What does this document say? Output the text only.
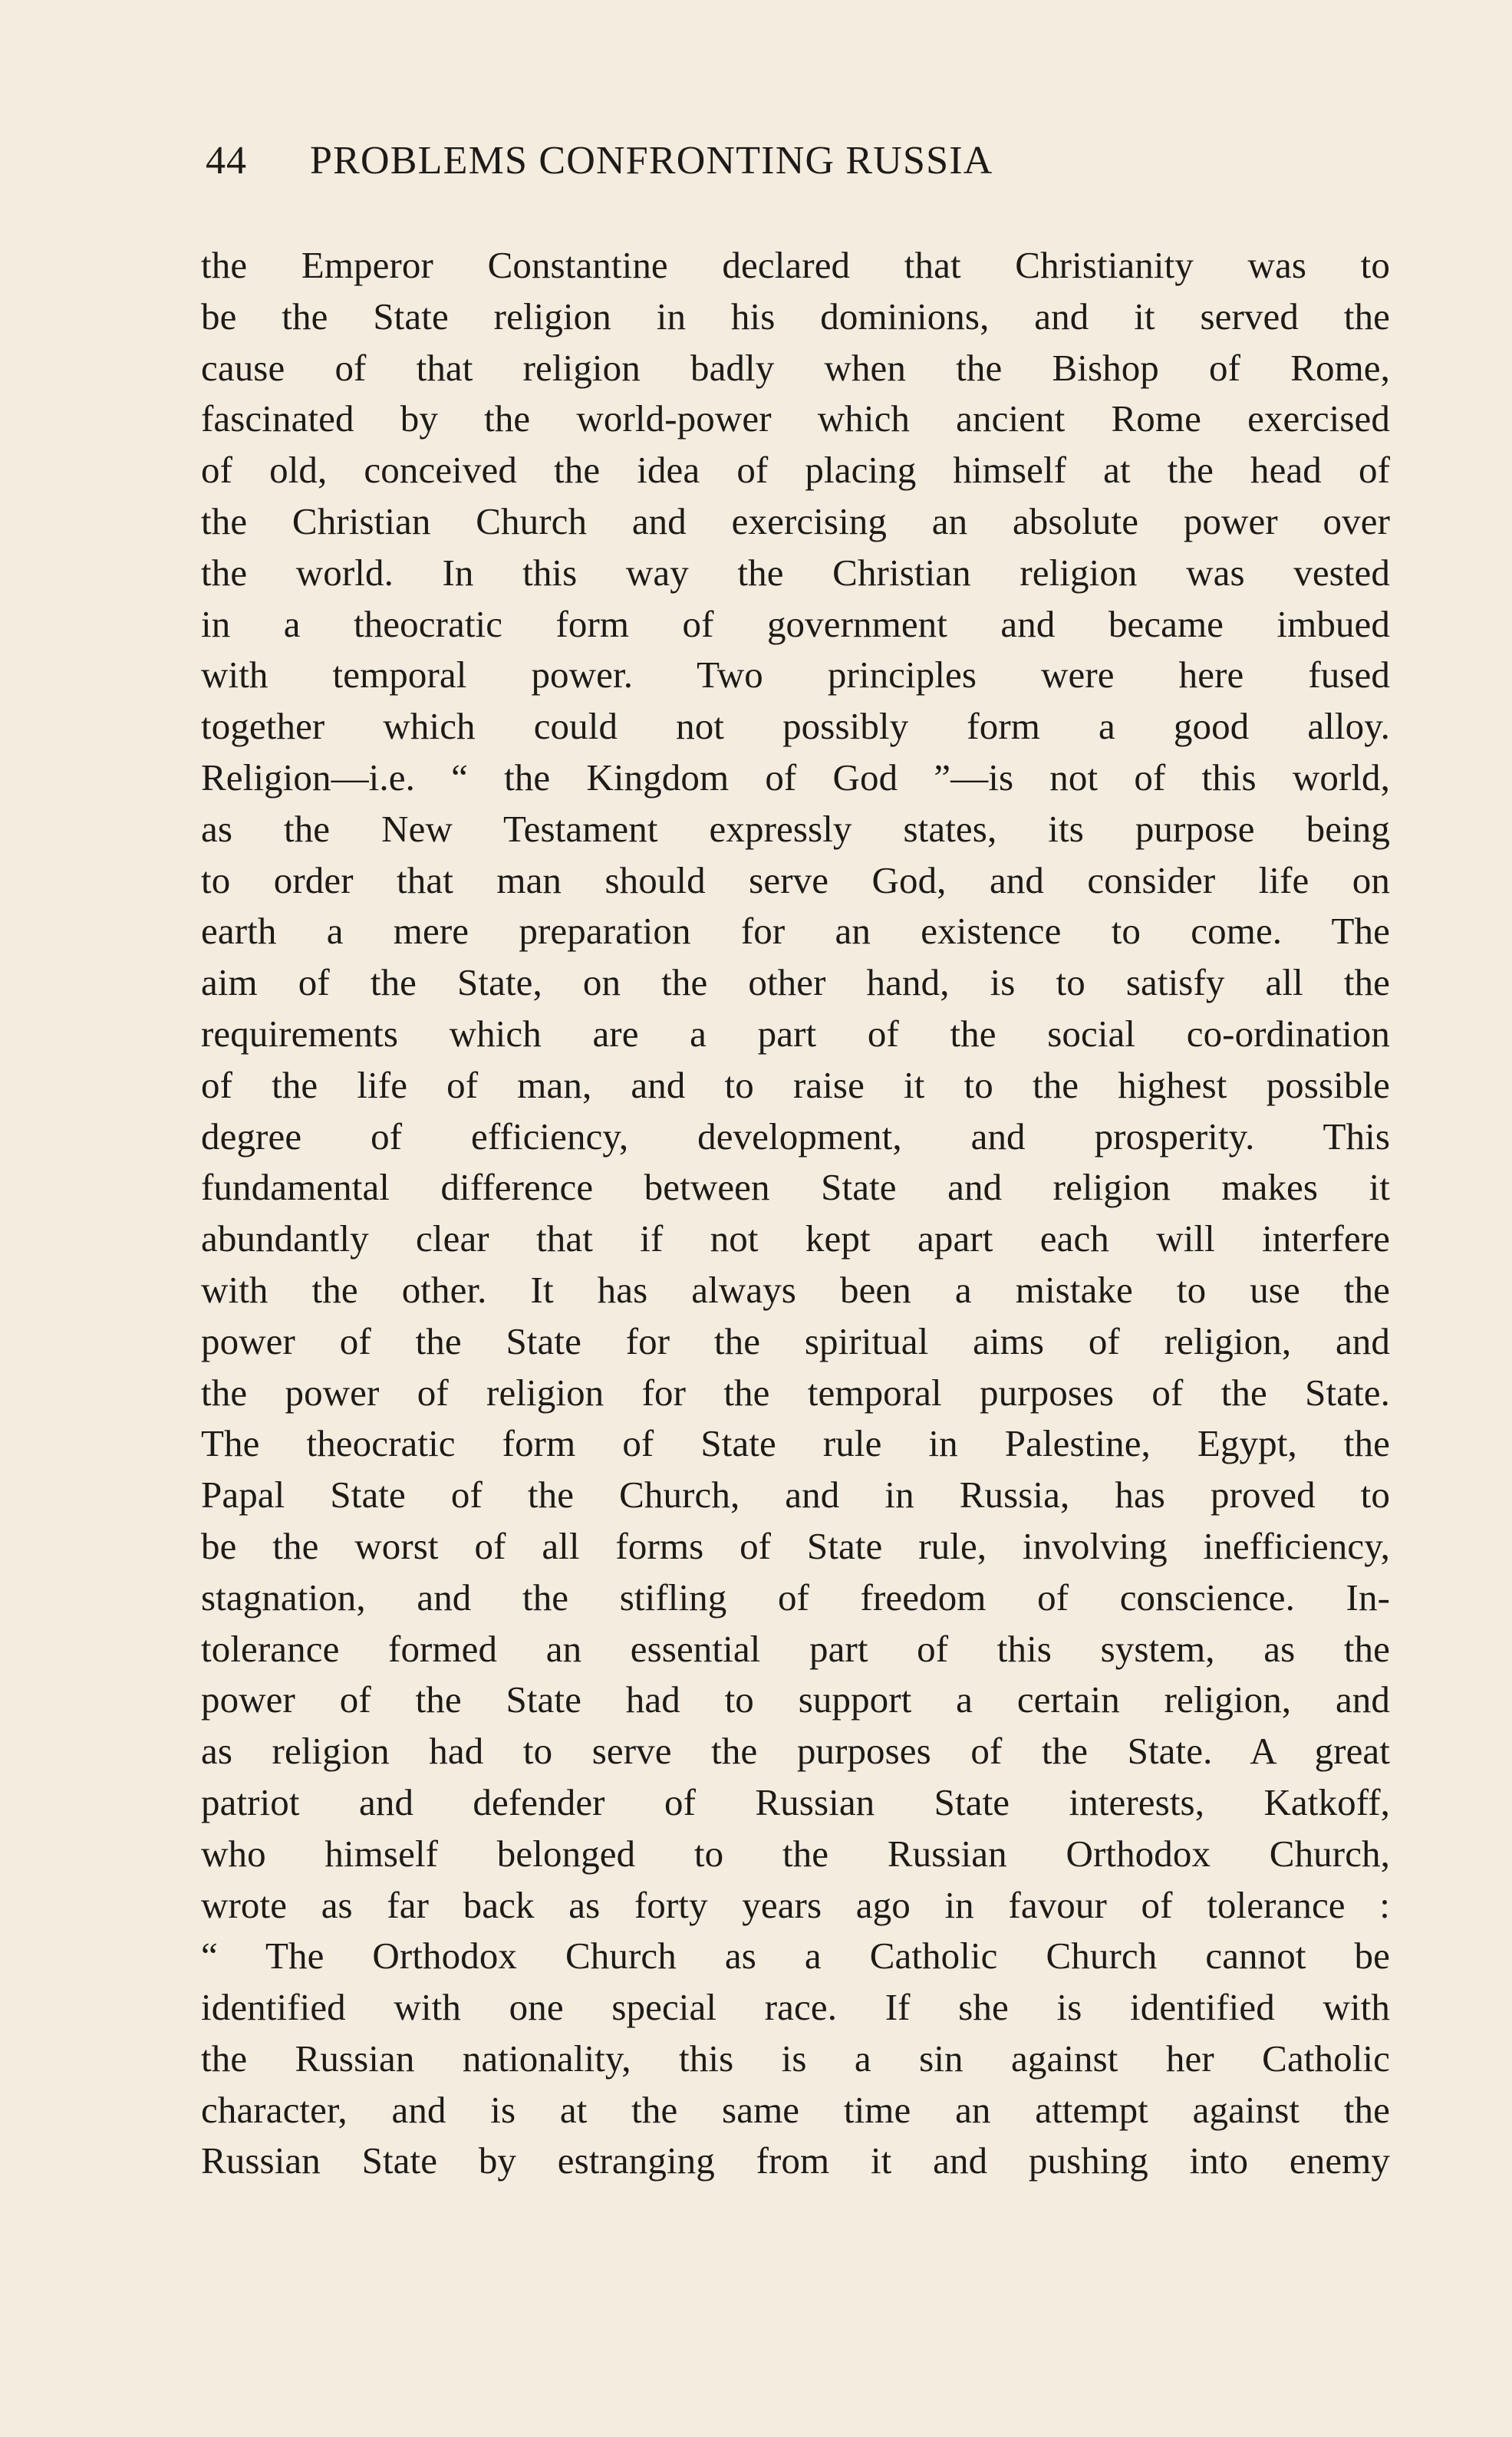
44 PROBLEMS CONFRONTING RUSSIA
the Emperor Constantine declared that Christianity was to
be the State religion in his dominions, and it served the
cause of that religion badly when the Bishop of Rome,
fascinated by the world-power which ancient Rome exercised
of old, conceived the idea of placing himself at the head of
the Christian Church and exercising an absolute power over
the world. In this way the Christian religion was vested
in a theocratic form of government and became imbued
with temporal power. Two principles were here fused
together which could not possibly form a good alloy.
Religion—i.e. “ the Kingdom of God ”—is not of this world,
as the New Testament expressly states, its purpose being
to order that man should serve God, and consider life on
earth a mere preparation for an existence to come. The
aim of the State, on the other hand, is to satisfy all the
requirements which are a part of the social co-ordination
of the life of man, and to raise it to the highest possible
degree of efficiency, development, and prosperity. This
fundamental difference between State and religion makes it
abundantly clear that if not kept apart each will interfere
with the other. It has always been a mistake to use the
power of the State for the spiritual aims of religion, and
the power of religion for the temporal purposes of the State.
The theocratic form of State rule in Palestine, Egypt, the
Papal State of the Church, and in Russia, has proved to
be the worst of all forms of State rule, involving inefficiency,
stagnation, and the stifling of freedom of conscience. In-
tolerance formed an essential part of this system, as the
power of the State had to support a certain religion, and
as religion had to serve the purposes of the State. A great
patriot and defender of Russian State interests, Katkoff,
who himself belonged to the Russian Orthodox Church,
wrote as far back as forty years ago in favour of tolerance :
“ The Orthodox Church as a Catholic Church cannot be
identified with one special race. If she is identified with
the Russian nationality, this is a sin against her Catholic
character, and is at the same time an attempt against the
Russian State by estranging from it and pushing into enemy
